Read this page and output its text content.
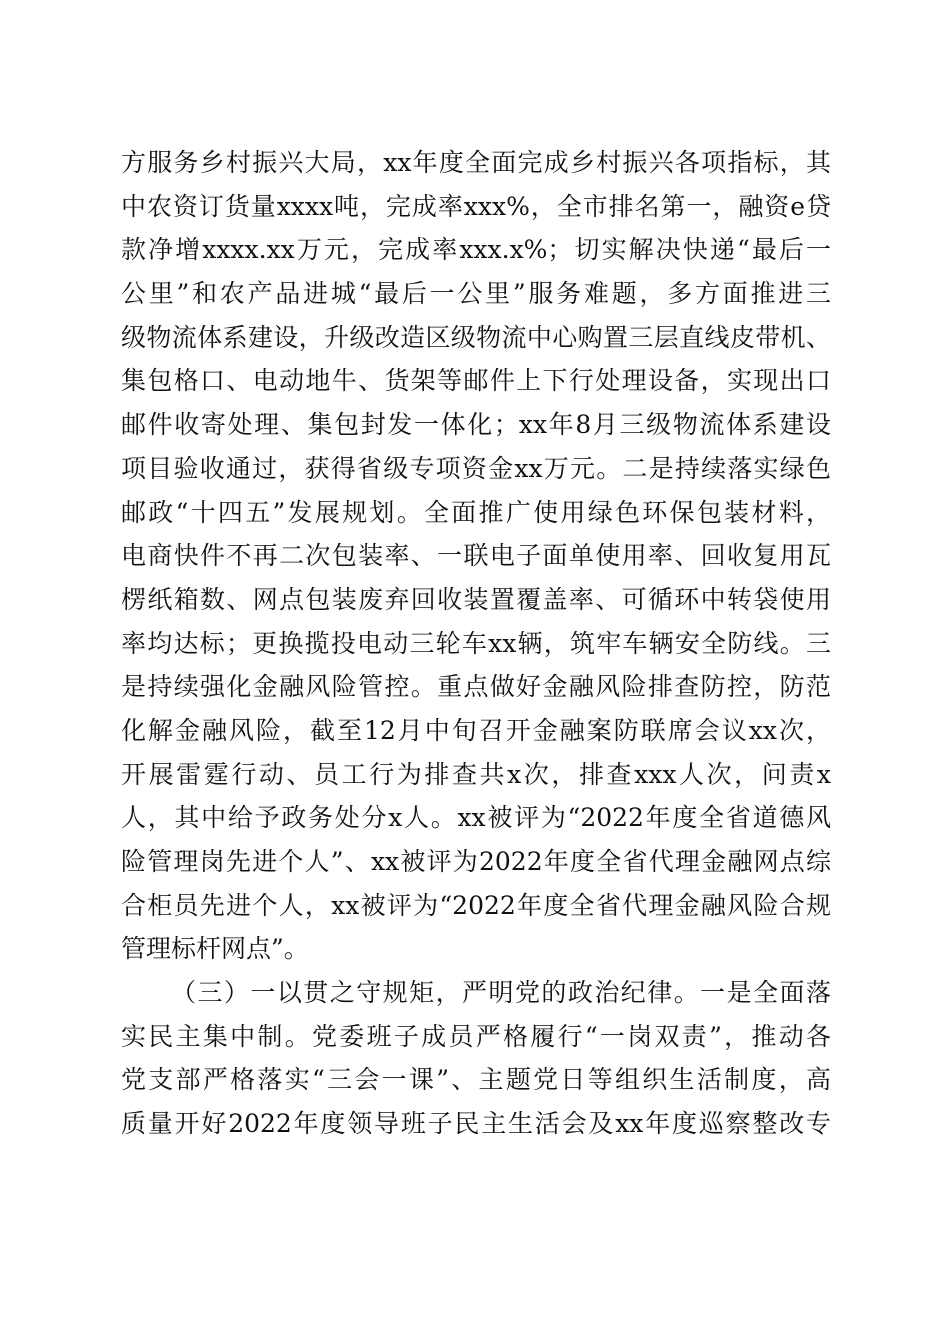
方服务乡村振兴大局，xx年度全面完成乡村振兴各项指标，其
中农资订货量xxxx吨，完成率xxx%，全市排名第一，融资e贷
款净增xxxx.xx万元，完成率xxx.x%；切实解决快递“最后一
公里”和农产品进城“最后一公里”服务难题，多方面推进三
级物流体系建设，升级改造区级物流中心购置三层直线皮带机、
集包格口、电动地牛、货架等邮件上下行处理设备，实现出口
邮件收寄处理、集包封发一体化；xx年8月三级物流体系建设
项目验收通过，获得省级专项资金xx万元。二是持续落实绿色
邮政“十四五”发展规划。全面推广使用绿色环保包装材料，
电商快件不再二次包装率、一联电子面单使用率、回收复用瓦
楞纸箱数、网点包装废弃回收装置覆盖率、可循环中转袋使用
率均达标；更换揽投电动三轮车xx辆，筑牢车辆安全防线。三
是持续强化金融风险管控。重点做好金融风险排查防控，防范
化解金融风险，截至12月中旬召开金融案防联席会议xx次，
开展雷霆行动、员工行为排查共x次，排查xxx人次，问责x
人，其中给予政务处分x人。xx被评为“2022年度全省道德风
险管理岗先进个人”、xx被评为2022年度全省代理金融网点综
合柜员先进个人，xx被评为“2022年度全省代理金融风险合规
管理标杆网点”。
（三）一以贯之守规矩，严明党的政治纪律。一是全面落
实民主集中制。党委班子成员严格履行“一岗双责”，推动各
党支部严格落实“三会一课”、主题党日等组织生活制度，高
质量开好2022年度领导班子民主生活会及xx年度巡察整改专
